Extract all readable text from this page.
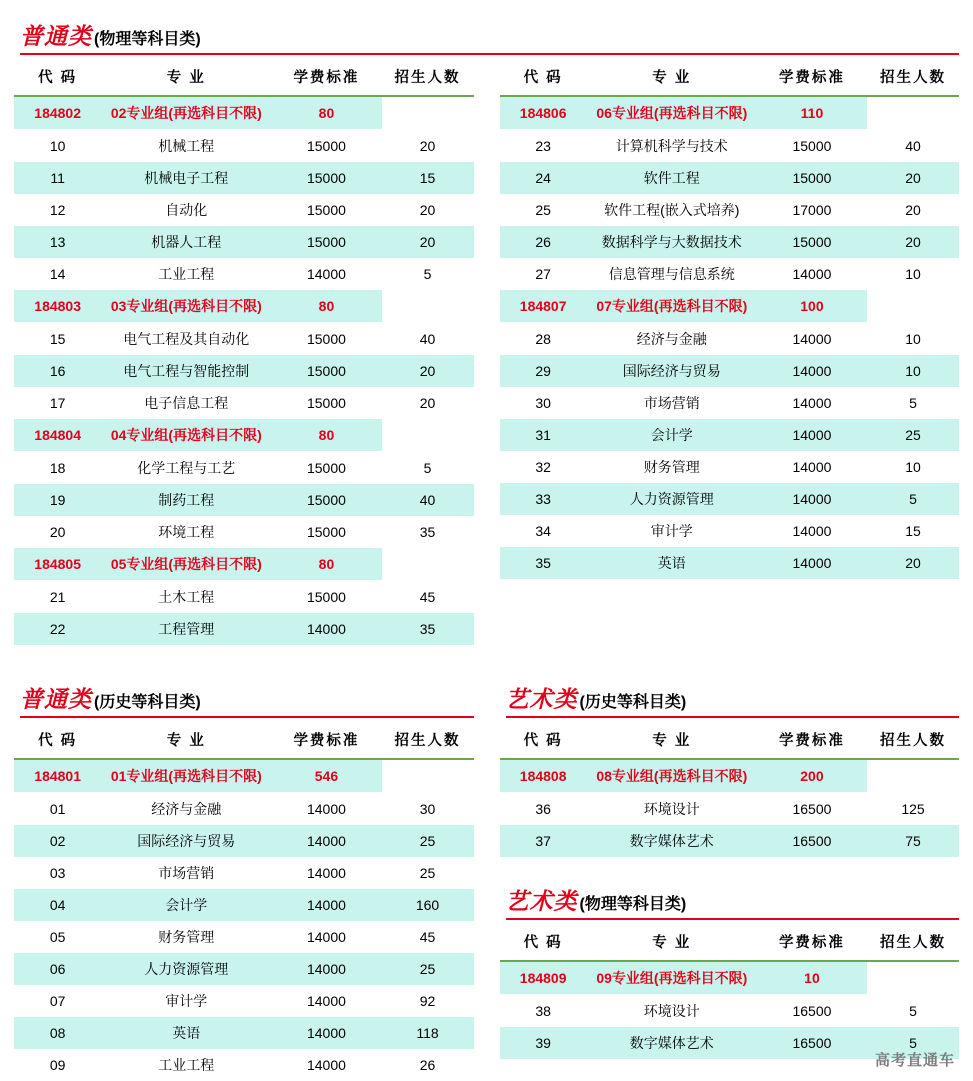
普通类 (物理等科目类)
代 码	专 业	学费标准	招生人数
184802	02专业组(再选科目不限)	80	
10	机械工程	15000	20
11	机械电子工程	15000	15
12	自动化	15000	20
13	机器人工程	15000	20
14	工业工程	14000	5
184803	03专业组(再选科目不限)	80	
15	电气工程及其自动化	15000	40
16	电气工程与智能控制	15000	20
17	电子信息工程	15000	20
184804	04专业组(再选科目不限)	80	
18	化学工程与工艺	15000	5
19	制药工程	15000	40
20	环境工程	15000	35
184805	05专业组(再选科目不限)	80	
21	土木工程	15000	45
22	工程管理	14000	35
代 码	专 业	学费标准	招生人数
184806	06专业组(再选科目不限)	110	
23	计算机科学与技术	15000	40
24	软件工程	15000	20
25	软件工程(嵌入式培养)	17000	20
26	数据科学与大数据技术	15000	20
27	信息管理与信息系统	14000	10
184807	07专业组(再选科目不限)	100	
28	经济与金融	14000	10
29	国际经济与贸易	14000	10
30	市场营销	14000	5
31	会计学	14000	25
32	财务管理	14000	10
33	人力资源管理	14000	5
34	审计学	14000	15
35	英语	14000	20
普通类 (历史等科目类)
代 码	专 业	学费标准	招生人数
184801	01专业组(再选科目不限)	546	
01	经济与金融	14000	30
02	国际经济与贸易	14000	25
03	市场营销	14000	25
04	会计学	14000	160
05	财务管理	14000	45
06	人力资源管理	14000	25
07	审计学	14000	92
08	英语	14000	118
09	工业工程	14000	26
艺术类 (历史等科目类)
代 码	专 业	学费标准	招生人数
184808	08专业组(再选科目不限)	200	
36	环境设计	16500	125
37	数字媒体艺术	16500	75
艺术类 (物理等科目类)
代 码	专 业	学费标准	招生人数
184809	09专业组(再选科目不限)	10	
38	环境设计	16500	5
39	数字媒体艺术	16500	5
高考直通车
